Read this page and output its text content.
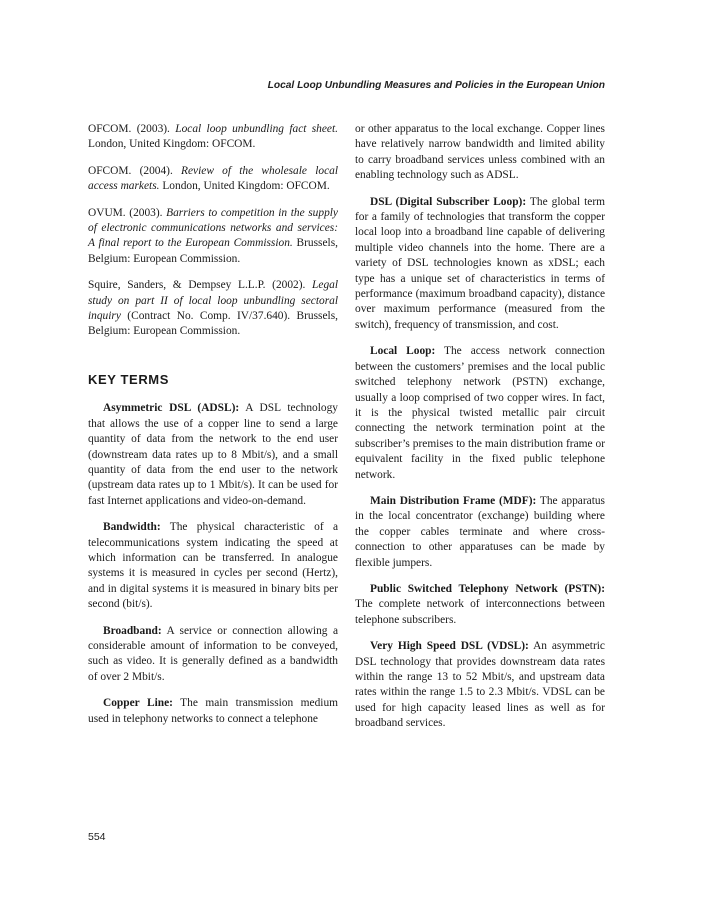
Local Loop Unbundling Measures and Policies in the European Union

OFCOM. (2003). Local loop unbundling fact sheet. London, United Kingdom: OFCOM.

OFCOM. (2004). Review of the wholesale local access markets. London, United Kingdom: OFCOM.

OVUM. (2003). Barriers to competition in the supply of electronic communications networks and services: A final report to the European Commission. Brussels, Belgium: European Commission.

Squire, Sanders, & Dempsey L.L.P. (2002). Legal study on part II of local loop unbundling sectoral inquiry (Contract No. Comp. IV/37.640). Brussels, Belgium: European Commission.

KEY TERMS

Asymmetric DSL (ADSL): A DSL technology that allows the use of a copper line to send a large quantity of data from the network to the end user (downstream data rates up to 8 Mbit/s), and a small quantity of data from the end user to the network (upstream data rates up to 1 Mbit/s). It can be used for fast Internet applications and video-on-demand.

Bandwidth: The physical characteristic of a telecommunications system indicating the speed at which information can be transferred. In analogue systems it is measured in cycles per second (Hertz), and in digital systems it is measured in binary bits per second (bit/s).

Broadband: A service or connection allowing a considerable amount of information to be conveyed, such as video. It is generally defined as a bandwidth of over 2 Mbit/s.

Copper Line: The main transmission medium used in telephony networks to connect a telephone

or other apparatus to the local exchange. Copper lines have relatively narrow bandwidth and limited ability to carry broadband services unless combined with an enabling technology such as ADSL.

DSL (Digital Subscriber Loop): The global term for a family of technologies that transform the copper local loop into a broadband line capable of delivering multiple video channels into the home. There are a variety of DSL technologies known as xDSL; each type has a unique set of characteristics in terms of performance (maximum broadband capacity), distance over maximum performance (measured from the switch), frequency of transmission, and cost.

Local Loop: The access network connection between the customers’ premises and the local public switched telephony network (PSTN) exchange, usually a loop comprised of two copper wires. In fact, it is the physical twisted metallic pair circuit connecting the network termination point at the subscriber’s premises to the main distribution frame or equivalent facility in the fixed public telephone network.

Main Distribution Frame (MDF): The apparatus in the local concentrator (exchange) building where the copper cables terminate and where cross-connection to other apparatuses can be made by flexible jumpers.

Public Switched Telephony Network (PSTN): The complete network of interconnections between telephone subscribers.

Very High Speed DSL (VDSL): An asymmetric DSL technology that provides downstream data rates within the range 13 to 52 Mbit/s, and upstream data rates within the range 1.5 to 2.3 Mbit/s. VDSL can be used for high capacity leased lines as well as for broadband services.

554
